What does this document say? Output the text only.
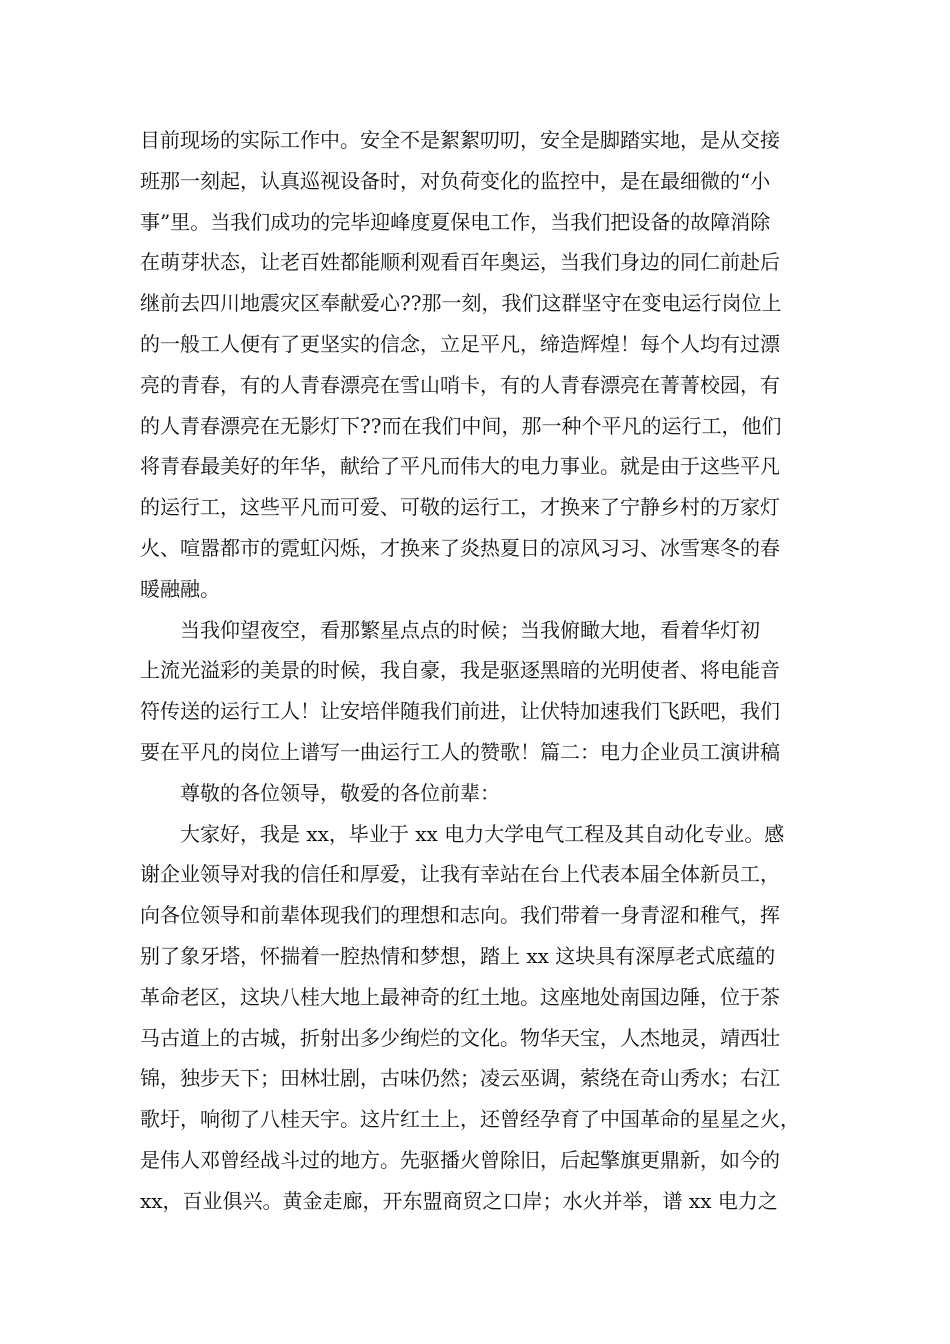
目前现场的实际工作中。安全不是絮絮叨叨，安全是脚踏实地，是从交接
班那一刻起，认真巡视设备时，对负荷变化的监控中，是在最细微的“小
事”里。当我们成功的完毕迎峰度夏保电工作，当我们把设备的故障消除
在萌芽状态，让老百姓都能顺利观看百年奥运，当我们身边的同仁前赴后
继前去四川地震灾区奉献爱心??那一刻，我们这群坚守在变电运行岗位上
的一般工人便有了更坚实的信念，立足平凡，缔造辉煌！每个人均有过漂
亮的青春，有的人青春漂亮在雪山哨卡，有的人青春漂亮在菁菁校园，有
的人青春漂亮在无影灯下??而在我们中间，那一种个平凡的运行工，他们
将青春最美好的年华，献给了平凡而伟大的电力事业。就是由于这些平凡
的运行工，这些平凡而可爱、可敬的运行工，才换来了宁静乡村的万家灯
火、喧嚣都市的霓虹闪烁，才换来了炎热夏日的凉风习习、冰雪寒冬的春
暖融融。
　　当我仰望夜空，看那繁星点点的时候；当我俯瞰大地，看着华灯初
上流光溢彩的美景的时候，我自豪，我是驱逐黑暗的光明使者、将电能音
符传送的运行工人！让安培伴随我们前进，让伏特加速我们飞跃吧，我们
要在平凡的岗位上谱写一曲运行工人的赞歌！篇二：电力企业员工演讲稿
　　尊敬的各位领导，敬爱的各位前辈：
　　大家好，我是 xx，毕业于 xx 电力大学电气工程及其自动化专业。感
谢企业领导对我的信任和厚爱，让我有幸站在台上代表本届全体新员工，
向各位领导和前辈体现我们的理想和志向。我们带着一身青涩和稚气，挥
别了象牙塔，怀揣着一腔热情和梦想，踏上 xx 这块具有深厚老式底蕴的
革命老区，这块八桂大地上最神奇的红土地。这座地处南国边陲，位于茶
马古道上的古城，折射出多少绚烂的文化。物华天宝，人杰地灵，靖西壮
锦，独步天下；田林壮剧，古味仍然；凌云巫调，萦绕在奇山秀水；右江
歌圩，响彻了八桂天宇。这片红土上，还曾经孕育了中国革命的星星之火，
是伟人邓曾经战斗过的地方。先驱播火曾除旧，后起擎旗更鼎新，如今的
xx，百业俱兴。黄金走廊，开东盟商贸之口岸；水火并举，谱 xx 电力之
